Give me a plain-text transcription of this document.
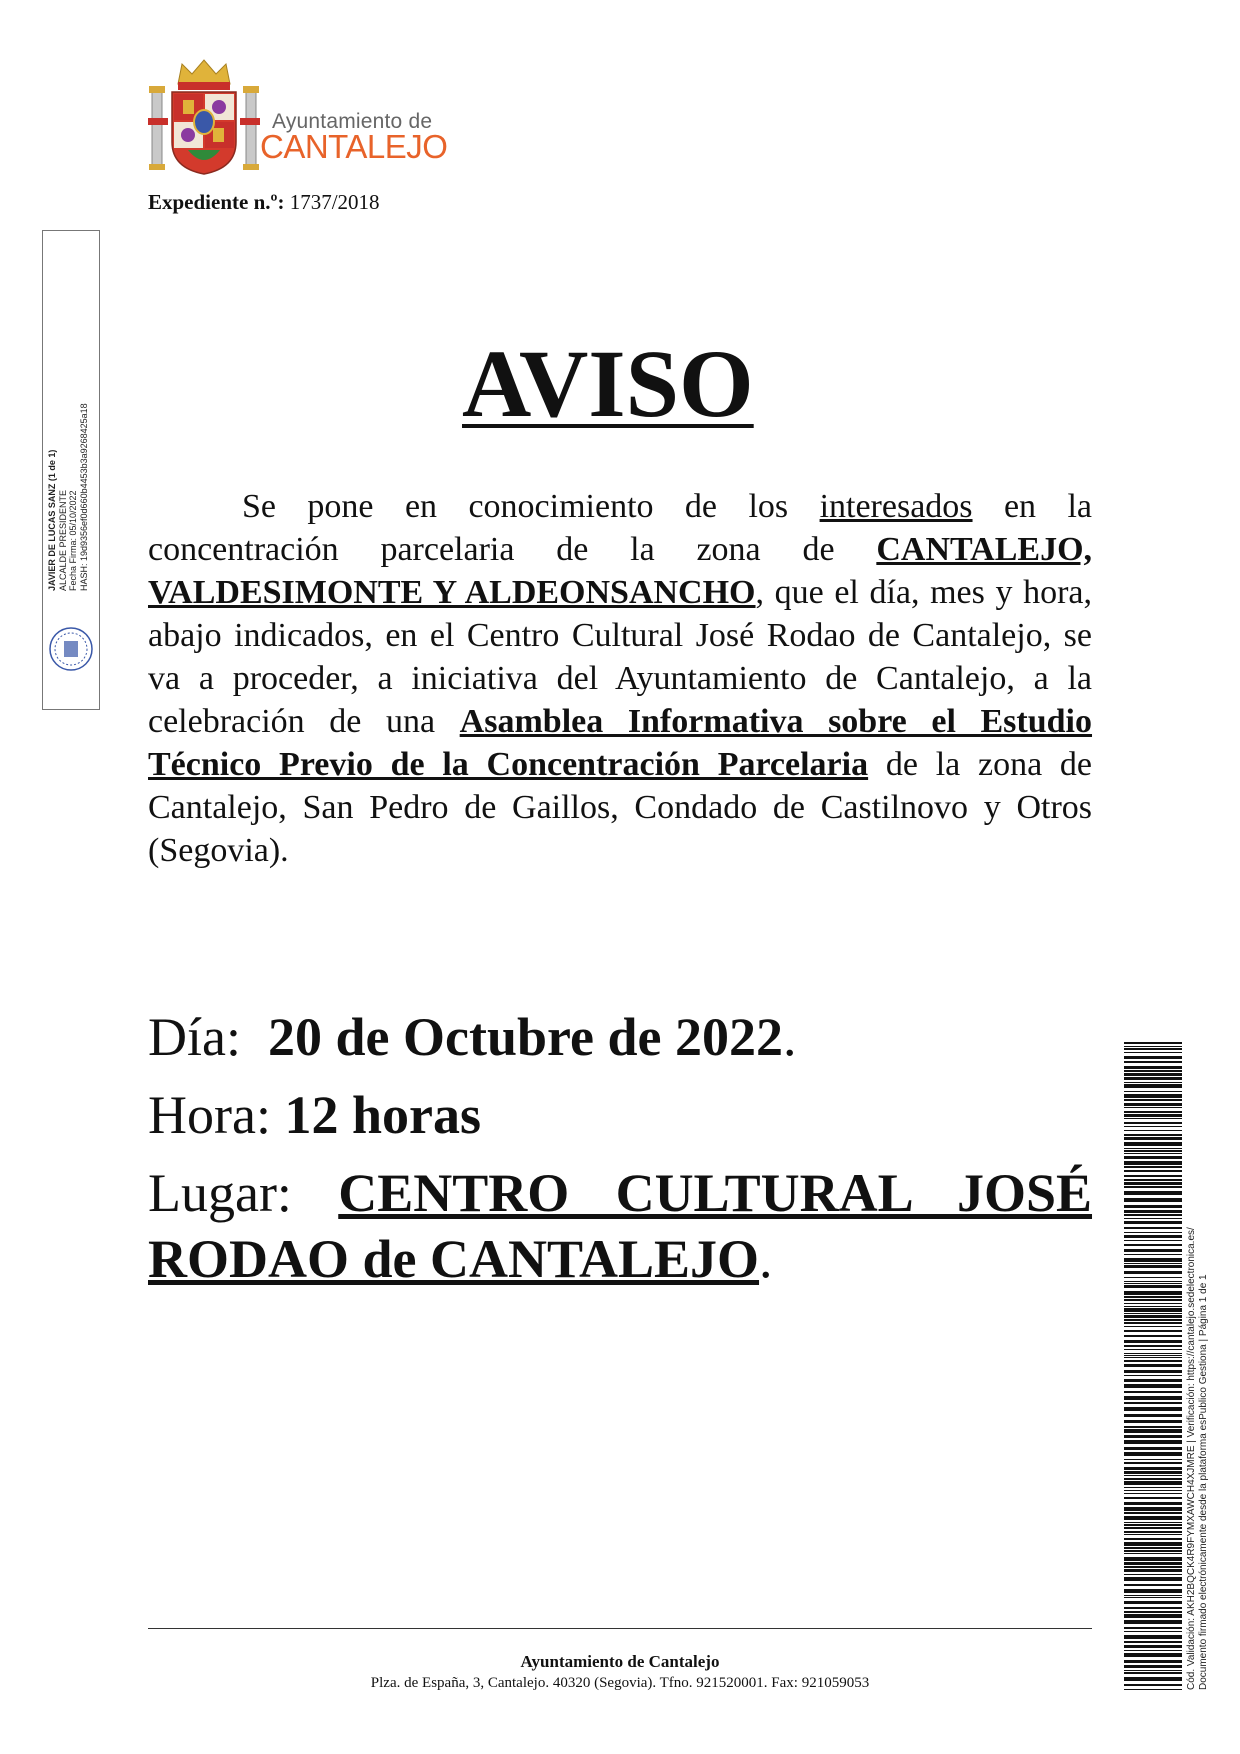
Ayuntamiento de
CANTALEJO
Expediente n.º: 1737/2018
JAVIER DE LUCAS SANZ (1 de 1) ALCALDE PRESIDENTE Fecha Firma: 05/10/2022 HASH: 19d9356ef0d660b4453b3a9268425a18
AVISO
Se pone en conocimiento de los interesados en la concentración parcelaria de la zona de CANTALEJO, VALDESIMONTE Y ALDEONSANCHO, que el día, mes y hora, abajo indicados, en el Centro Cultural José Rodao de Cantalejo, se va a proceder, a iniciativa del Ayuntamiento de Cantalejo, a la celebración de una Asamblea Informativa sobre el Estudio Técnico Previo de la Concentración Parcelaria de la zona de Cantalejo, San Pedro de Gaillos, Condado de Castilnovo y Otros (Segovia).
Día: 20 de Octubre de 2022.
Hora: 12 horas
Lugar: CENTRO CULTURAL JOSÉ RODAO de CANTALEJO.
Ayuntamiento de Cantalejo
Plza. de España, 3, Cantalejo. 40320 (Segovia). Tfno. 921520001. Fax: 921059053	Cód. Validación: AKH2BQCK4R9FYMXAWCH4XJMRE | Verificación: https://cantalejo.sedelectronica.es/ Documento firmado electrónicamente desde la plataforma esPublico Gestiona | Página 1 de 1
